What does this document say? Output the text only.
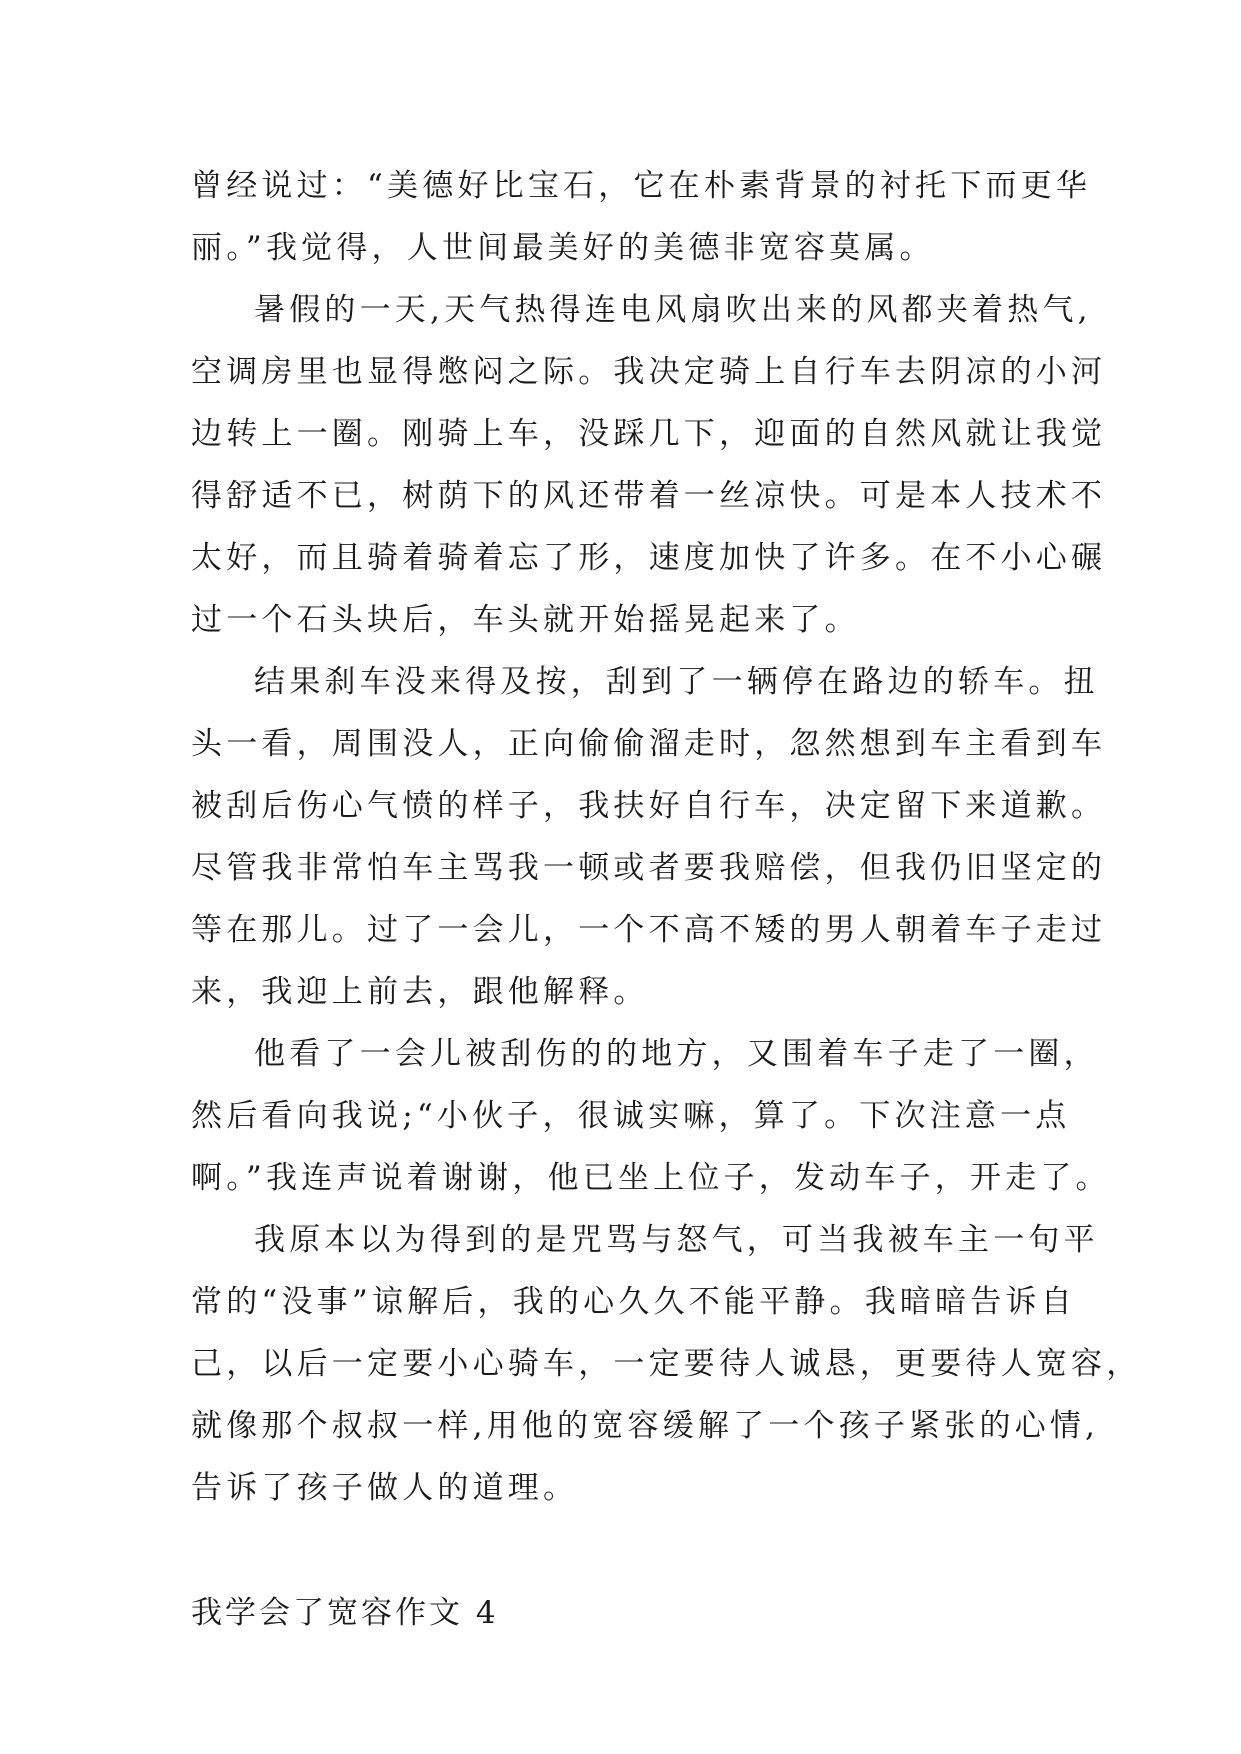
曾经说过：“美德好比宝石，它在朴素背景的衬托下而更华
丽。”我觉得，人世间最美好的美德非宽容莫属。
暑假的一天,天气热得连电风扇吹出来的风都夹着热气,
空调房里也显得憋闷之际。我决定骑上自行车去阴凉的小河
边转上一圈。刚骑上车，没踩几下，迎面的自然风就让我觉
得舒适不已，树荫下的风还带着一丝凉快。可是本人技术不
太好，而且骑着骑着忘了形，速度加快了许多。在不小心碾
过一个石头块后，车头就开始摇晃起来了。
结果刹车没来得及按，刮到了一辆停在路边的轿车。扭
头一看，周围没人，正向偷偷溜走时，忽然想到车主看到车
被刮后伤心气愤的样子，我扶好自行车，决定留下来道歉。
尽管我非常怕车主骂我一顿或者要我赔偿，但我仍旧坚定的
等在那儿。过了一会儿，一个不高不矮的男人朝着车子走过
来，我迎上前去，跟他解释。
他看了一会儿被刮伤的的地方，又围着车子走了一圈，
然后看向我说;“小伙子，很诚实嘛，算了。下次注意一点
啊。”我连声说着谢谢，他已坐上位子，发动车子，开走了。
我原本以为得到的是咒骂与怒气，可当我被车主一句平
常的“没事”谅解后，我的心久久不能平静。我暗暗告诉自
己，以后一定要小心骑车，一定要待人诚恳，更要待人宽容，
就像那个叔叔一样,用他的宽容缓解了一个孩子紧张的心情,
告诉了孩子做人的道理。
我学会了宽容作文 4
